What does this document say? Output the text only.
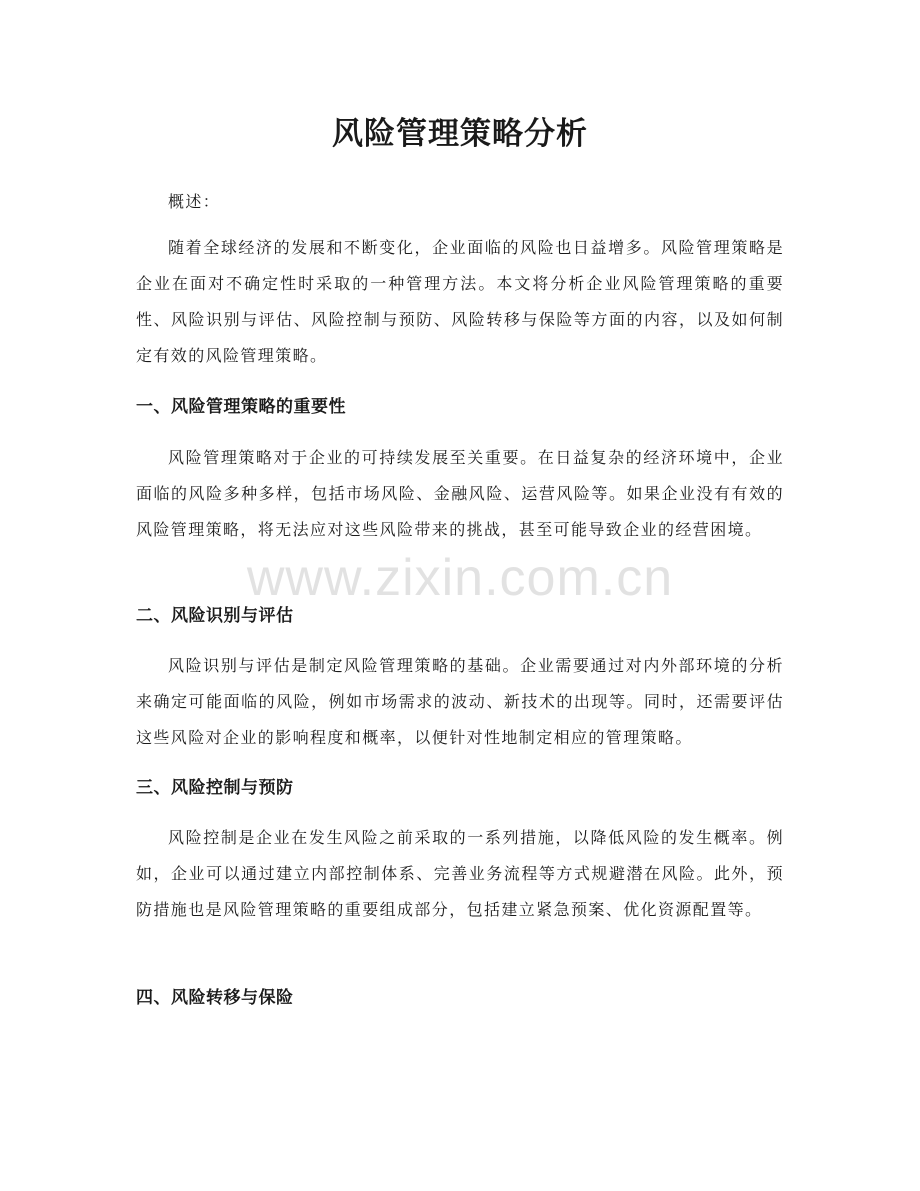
风险管理策略分析

概述：

随着全球经济的发展和不断变化，企业面临的风险也日益增多。风险管理策略是企业在面对不确定性时采取的一种管理方法。本文将分析企业风险管理策略的重要性、风险识别与评估、风险控制与预防、风险转移与保险等方面的内容，以及如何制定有效的风险管理策略。

一、风险管理策略的重要性

风险管理策略对于企业的可持续发展至关重要。在日益复杂的经济环境中，企业面临的风险多种多样，包括市场风险、金融风险、运营风险等。如果企业没有有效的风险管理策略，将无法应对这些风险带来的挑战，甚至可能导致企业的经营困境。

二、风险识别与评估

风险识别与评估是制定风险管理策略的基础。企业需要通过对内外部环境的分析来确定可能面临的风险，例如市场需求的波动、新技术的出现等。同时，还需要评估这些风险对企业的影响程度和概率，以便针对性地制定相应的管理策略。

三、风险控制与预防

风险控制是企业在发生风险之前采取的一系列措施，以降低风险的发生概率。例如，企业可以通过建立内部控制体系、完善业务流程等方式规避潜在风险。此外，预防措施也是风险管理策略的重要组成部分，包括建立紧急预案、优化资源配置等。

四、风险转移与保险
www.zixin.com.cn
